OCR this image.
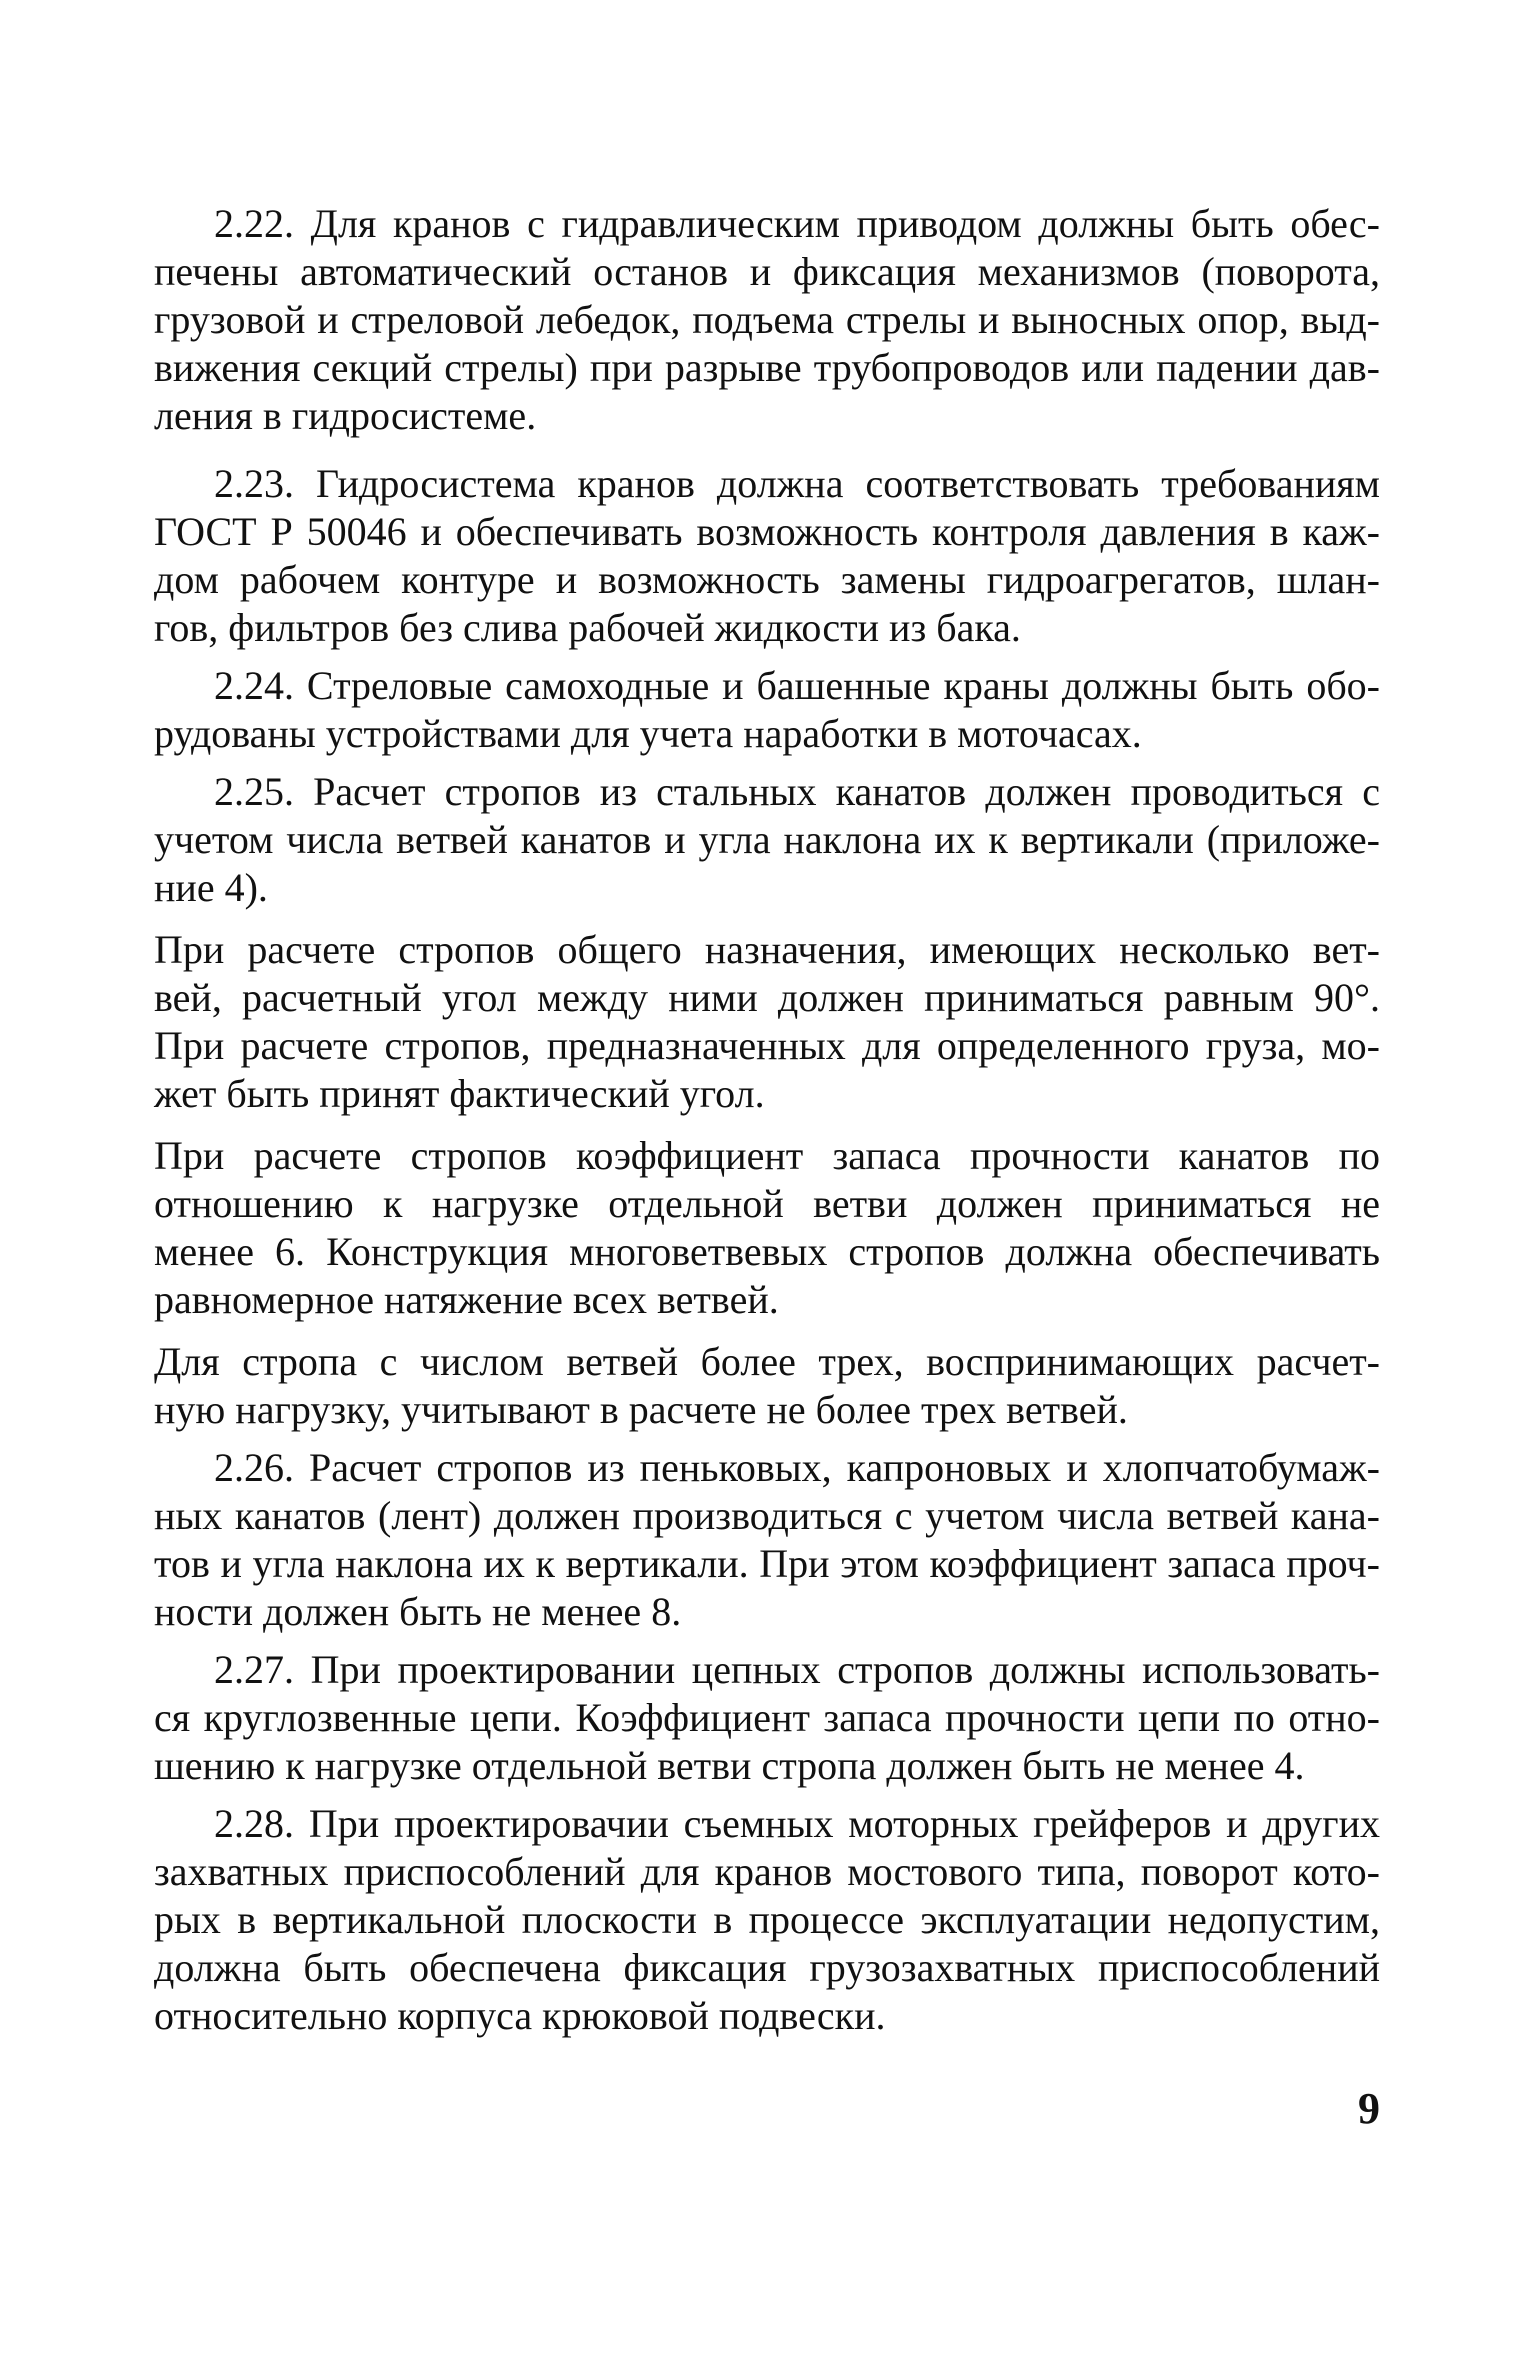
2.22. Для кранов с гидравлическим приводом должны быть обес-
печены автоматический останов и фиксация механизмов (поворота,
грузовой и стреловой лебедок, подъема стрелы и выносных опор, выд-
вижения секций стрелы) при разрыве трубопроводов или падении дав-
ления в гидросистеме.
2.23. Гидросистема кранов должна соответствовать требованиям
ГОСТ Р 50046 и обеспечивать возможность контроля давления в каж-
дом рабочем контуре и возможность замены гидроагрегатов, шлан-
гов, фильтров без слива рабочей жидкости из бака.
2.24. Стреловые самоходные и башенные краны должны быть обо-
рудованы устройствами для учета наработки в моточасах.
2.25. Расчет стропов из стальных канатов должен проводиться с
учетом числа ветвей канатов и угла наклона их к вертикали (приложе-
ние 4).
При расчете стропов общего назначения, имеющих несколько вет-
вей, расчетный угол между ними должен приниматься равным 90°.
При расчете стропов, предназначенных для определенного груза, мо-
жет быть принят фактический угол.
При расчете стропов коэффициент запаса прочности канатов по
отношению к нагрузке отдельной ветви должен приниматься не
менее 6. Конструкция многоветвевых стропов должна обеспечивать
равномерное натяжение всех ветвей.
Для стропа с числом ветвей более трех, воспринимающих расчет-
ную нагрузку, учитывают в расчете не более трех ветвей.
2.26. Расчет стропов из пеньковых, капроновых и хлопчатобумаж-
ных канатов (лент) должен производиться с учетом числа ветвей кана-
тов и угла наклона их к вертикали. При этом коэффициент запаса проч-
ности должен быть не менее 8.
2.27. При проектировании цепных стропов должны использовать-
ся круглозвенные цепи. Коэффициент запаса прочности цепи по отно-
шению к нагрузке отдельной ветви стропа должен быть не менее 4.
2.28. При проектировачии съемных моторных грейферов и других
захватных приспособлений для кранов мостового типа, поворот кото-
рых в вертикальной плоскости в процессе эксплуатации недопустим,
должна быть обеспечена фиксация грузозахватных приспособлений
относительно корпуса крюковой подвески.
9
